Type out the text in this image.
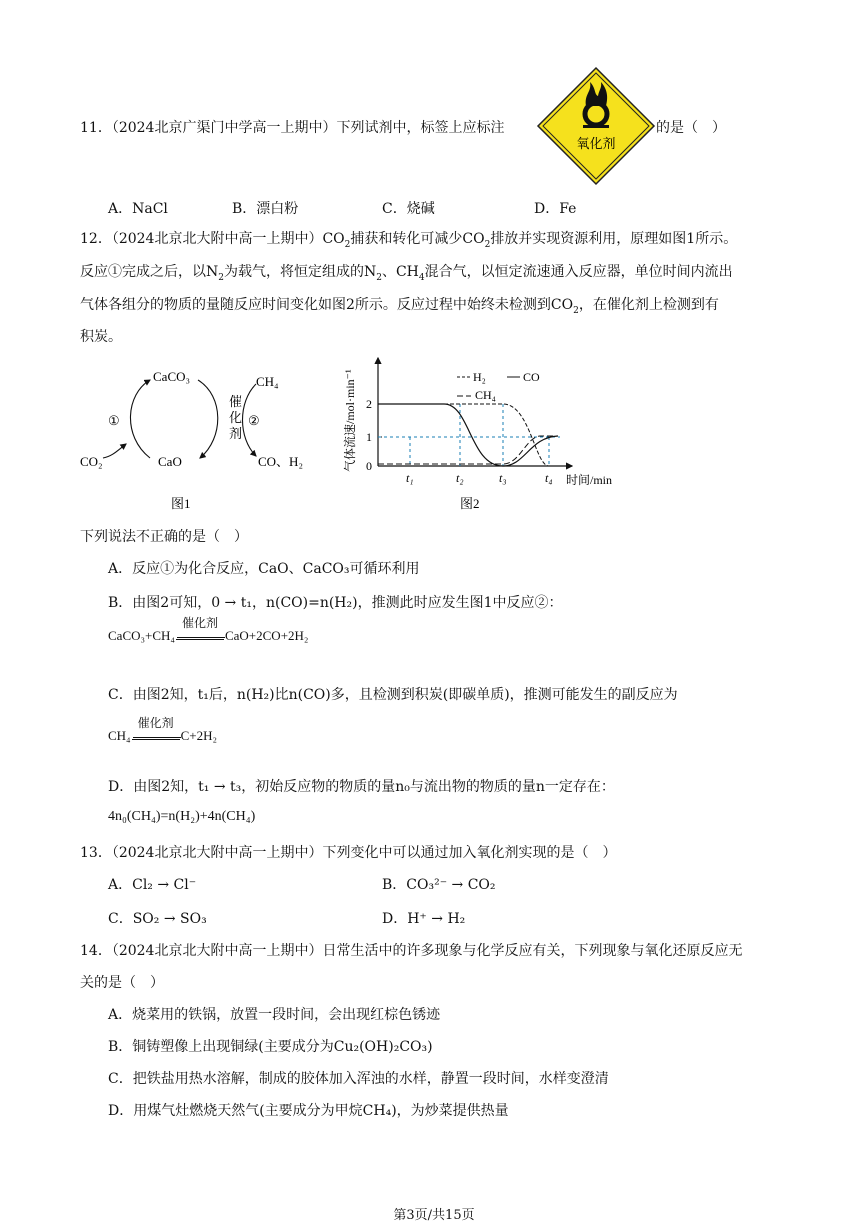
11．（2024北京广渠门中学高一上期中）下列试剂中，标签上应标注
氧化剂
的是（　）
A．NaCl	B．漂白粉	C．烧碱	D．Fe
12．（2024北京北大附中高一上期中）$CO_2$捕获和转化可减少$CO_2$排放并实现资源利用，原理如图1所示。
反应①完成之后，以$N_2$为载气，将恒定组成的$N_2$、$CH_4$混合气，以恒定流速通入反应器，单位时间内流出
气体各组分的物质的量随反应时间变化如图2所示。反应过程中始终未检测到$CO_2$，在催化剂上检测到有
积炭。
CaCO₃
CaO
CO₂
CH₄
CO、H₂
①	②
催
化
剂
图1
气体流速/mol·min⁻¹ 2
1
0
t₁	t₂	t₃	t₄ 时间/min
H₂	CO
CH₄
图2
下列说法不正确的是（　）
A．反应①为化合反应，CaO、CaCO₃可循环利用
B．由图2可知，0 → t₁，n(CO)=n(H₂)，推测此时应发生图1中反应②：
CaCO₃+CH₄
催化剂
CaO+2CO+2H₂
C．由图2知，t₁后，n(H₂)比n(CO)多，且检测到积炭(即碳单质)，推测可能发生的副反应为
CH₄
催化剂
C+2H₂
D．由图2知，t₁ → t₃，初始反应物的物质的量n₀与流出物的物质的量n一定存在：
4n₀(CH₄)=n(H₂)+4n(CH₄)
13．（2024北京北大附中高一上期中）下列变化中可以通过加入氧化剂实现的是（　）
A．Cl₂ → Cl⁻	B．CO₃²⁻ → CO₂
C．SO₂ → SO₃	D．H⁺ → H₂
14．（2024北京北大附中高一上期中）日常生活中的许多现象与化学反应有关，下列现象与氧化还原反应无
关的是（　）
A．烧菜用的铁锅，放置一段时间，会出现红棕色锈迹
B．铜铸塑像上出现铜绿(主要成分为Cu₂(OH)₂CO₃)
C．把铁盐用热水溶解，制成的胶体加入浑浊的水样，静置一段时间，水样变澄清
D．用煤气灶燃烧天然气(主要成分为甲烷CH₄)，为炒菜提供热量
第3页/共15页
